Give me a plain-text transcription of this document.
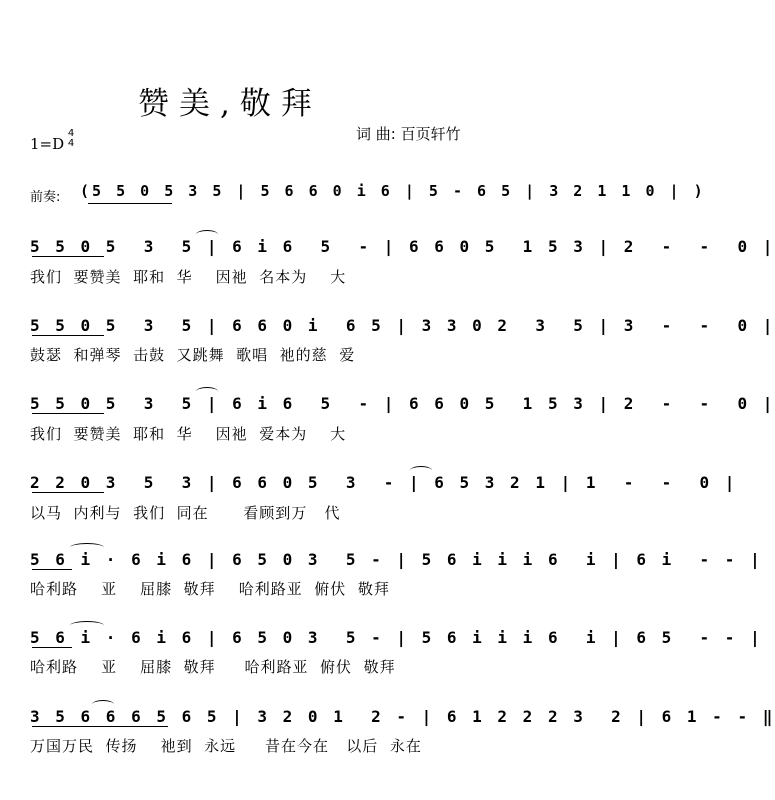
赞美,敬拜
词 曲: 百页轩竹
1=D
4
4
前奏: (5 5 0 5 3 5 | 5 6 6 0 i 6 | 5 - 6 5 | 3 2 1 1 0 | )
5 5 0 5  3  5 | 6 i 6  5  - | 6 6 0 5  1 5 3 | 2  -  -  0 |
我们  要赞美  耶和  华    因祂  名本为    大
5 5 0 5  3  5 | 6 6 0 i  6 5 | 3 3 0 2  3  5 | 3  -  -  0 |
鼓瑟  和弹琴  击鼓  又跳舞  歌唱  祂的慈  爱
5 5 0 5  3  5 | 6 i 6  5  - | 6 6 0 5  1 5 3 | 2  -  -  0 |
我们  要赞美  耶和  华    因祂  爱本为    大
2 2 0 3  5  3 | 6 6 0 5  3  - | 6 5 3 2 1 | 1  -  -  0 |
以马  内利与  我们  同在      看顾到万   代
5 6 i · 6 i 6 | 6 5 0 3  5 - | 5 6 i i i 6  i | 6 i  - - |
哈利路    亚    屈膝  敬拜    哈利路亚  俯伏  敬拜
5 6 i · 6 i 6 | 6 5 0 3  5 - | 5 6 i i i 6  i | 6 5  - - |
哈利路    亚    屈膝  敬拜     哈利路亚  俯伏  敬拜
3 5 6 6 6 5 6 5 | 3 2 0 1  2 - | 6 1 2 2 2 3  2 | 6 1 - - ‖
万国万民  传扬    祂到  永远     昔在今在   以后  永在
